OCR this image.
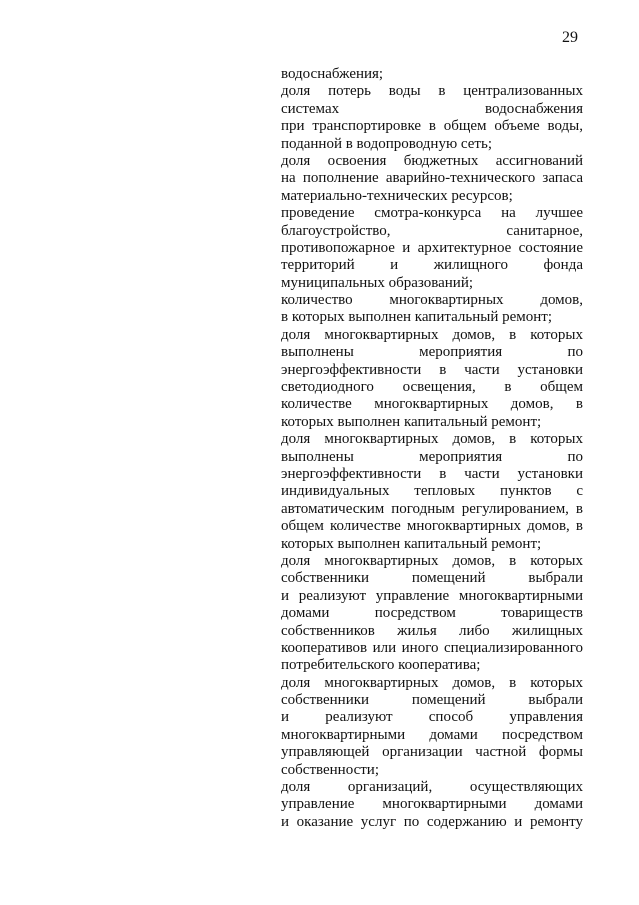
29
водоснабжения;
доля потерь воды в централизованных
системах водоснабжения
при транспортировке в общем объеме воды,
поданной в водопроводную сеть;
доля освоения бюджетных ассигнований
на пополнение аварийно-технического запаса
материально-технических ресурсов;
проведение смотра-конкурса на лучшее
благоустройство, санитарное,
противопожарное и архитектурное состояние
территорий и жилищного фонда
муниципальных образований;
количество многоквартирных домов,
в которых выполнен капитальный ремонт;
доля многоквартирных домов, в которых
выполнены мероприятия по
энергоэффективности в части установки
светодиодного освещения, в общем
количестве многоквартирных домов, в
которых выполнен капитальный ремонт;
доля многоквартирных домов, в которых
выполнены мероприятия по
энергоэффективности в части установки
индивидуальных тепловых пунктов с
автоматическим погодным регулированием, в
общем количестве многоквартирных домов, в
которых выполнен капитальный ремонт;
доля многоквартирных домов, в которых
собственники помещений выбрали
и реализуют управление многоквартирными
домами посредством товариществ
собственников жилья либо жилищных
кооперативов или иного специализированного
потребительского кооператива;
доля многоквартирных домов, в которых
собственники помещений выбрали
и реализуют способ управления
многоквартирными домами посредством
управляющей организации частной формы
собственности;
доля организаций, осуществляющих
управление многоквартирными домами
и оказание услуг по содержанию и ремонту
